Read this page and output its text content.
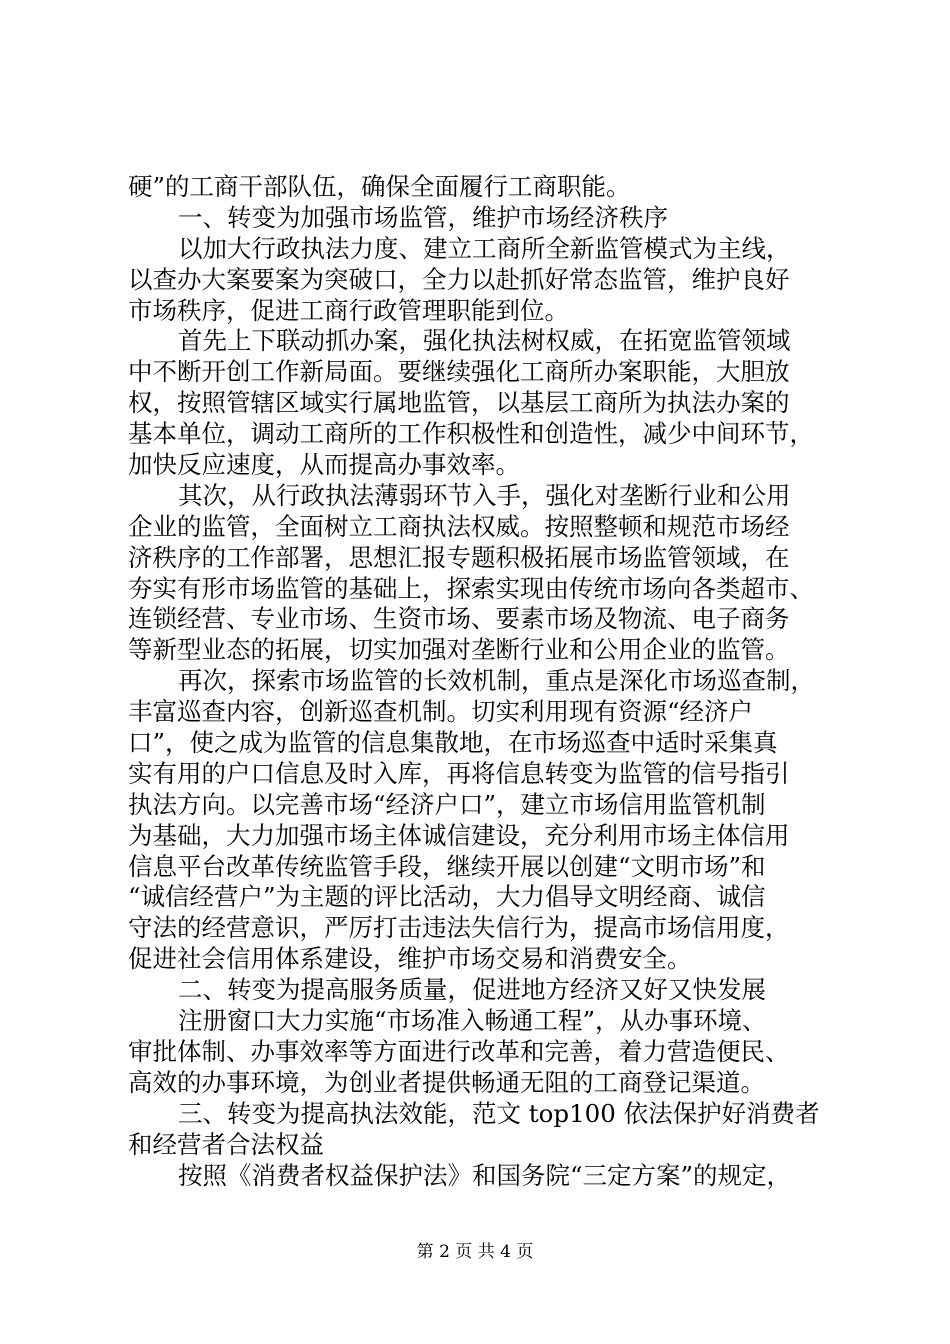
硬”的工商干部队伍，确保全面履行工商职能。
一、转变为加强市场监管，维护市场经济秩序
以加大行政执法力度、建立工商所全新监管模式为主线，
以查办大案要案为突破口，全力以赴抓好常态监管，维护良好
市场秩序，促进工商行政管理职能到位。
首先上下联动抓办案，强化执法树权威，在拓宽监管领域
中不断开创工作新局面。要继续强化工商所办案职能，大胆放
权，按照管辖区域实行属地监管，以基层工商所为执法办案的
基本单位，调动工商所的工作积极性和创造性，减少中间环节，
加快反应速度，从而提高办事效率。
其次，从行政执法薄弱环节入手，强化对垄断行业和公用
企业的监管，全面树立工商执法权威。按照整顿和规范市场经
济秩序的工作部署，思想汇报专题积极拓展市场监管领域，在
夯实有形市场监管的基础上，探索实现由传统市场向各类超市、
连锁经营、专业市场、生资市场、要素市场及物流、电子商务
等新型业态的拓展，切实加强对垄断行业和公用企业的监管。
再次，探索市场监管的长效机制，重点是深化市场巡查制，
丰富巡查内容，创新巡查机制。切实利用现有资源“经济户
口”，使之成为监管的信息集散地，在市场巡查中适时采集真
实有用的户口信息及时入库，再将信息转变为监管的信号指引
执法方向。以完善市场“经济户口”，建立市场信用监管机制
为基础，大力加强市场主体诚信建设，充分利用市场主体信用
信息平台改革传统监管手段，继续开展以创建“文明市场”和
“诚信经营户”为主题的评比活动，大力倡导文明经商、诚信
守法的经营意识，严厉打击违法失信行为，提高市场信用度，
促进社会信用体系建设，维护市场交易和消费安全。
二、转变为提高服务质量，促进地方经济又好又快发展
注册窗口大力实施“市场准入畅通工程”，从办事环境、
审批体制、办事效率等方面进行改革和完善，着力营造便民、
高效的办事环境，为创业者提供畅通无阻的工商登记渠道。
三、转变为提高执法效能，范文 top100 依法保护好消费者
和经营者合法权益
按照《消费者权益保护法》和国务院“三定方案”的规定，
第 2 页 共 4 页
